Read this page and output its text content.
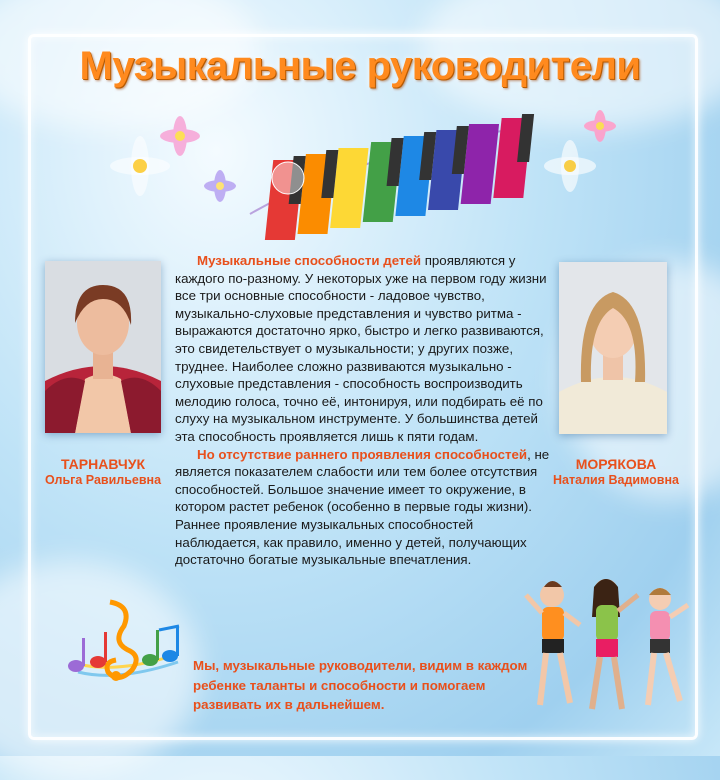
Музыкальные руководители
ТАРНАВЧУК
Ольга Равильевна
МОРЯКОВА
Наталия Вадимовна

Музыкальные способности детей проявляются у каждого по-разному. У некоторых уже на первом году жизни все три основные способности - ладовое чувство, музыкально-слуховые представления и чувство ритма - выражаются достаточно ярко, быстро и легко развиваются, это свидетельствует о музыкальности; у других позже, труднее. Наиболее сложно развиваются музыкально - слуховые представления - способность воспроизводить мелодию голоса, точно её, интонируя, или подбирать её по слуху на музыкальном инструменте. У большинства детей эта способность проявляется лишь к пяти годам.

Но отсутствие раннего проявления способностей, не является показателем слабости или тем более отсутствия способностей. Большое значение имеет то окружение, в котором растет ребенок (особенно в первые годы жизни). Раннее проявление музыкальных способностей наблюдается, как правило, именно у детей, получающих достаточно богатые музыкальные впечатления.

Мы, музыкальные руководители, видим в каждом ребенке таланты и способности и помогаем развивать их в дальнейшем.
